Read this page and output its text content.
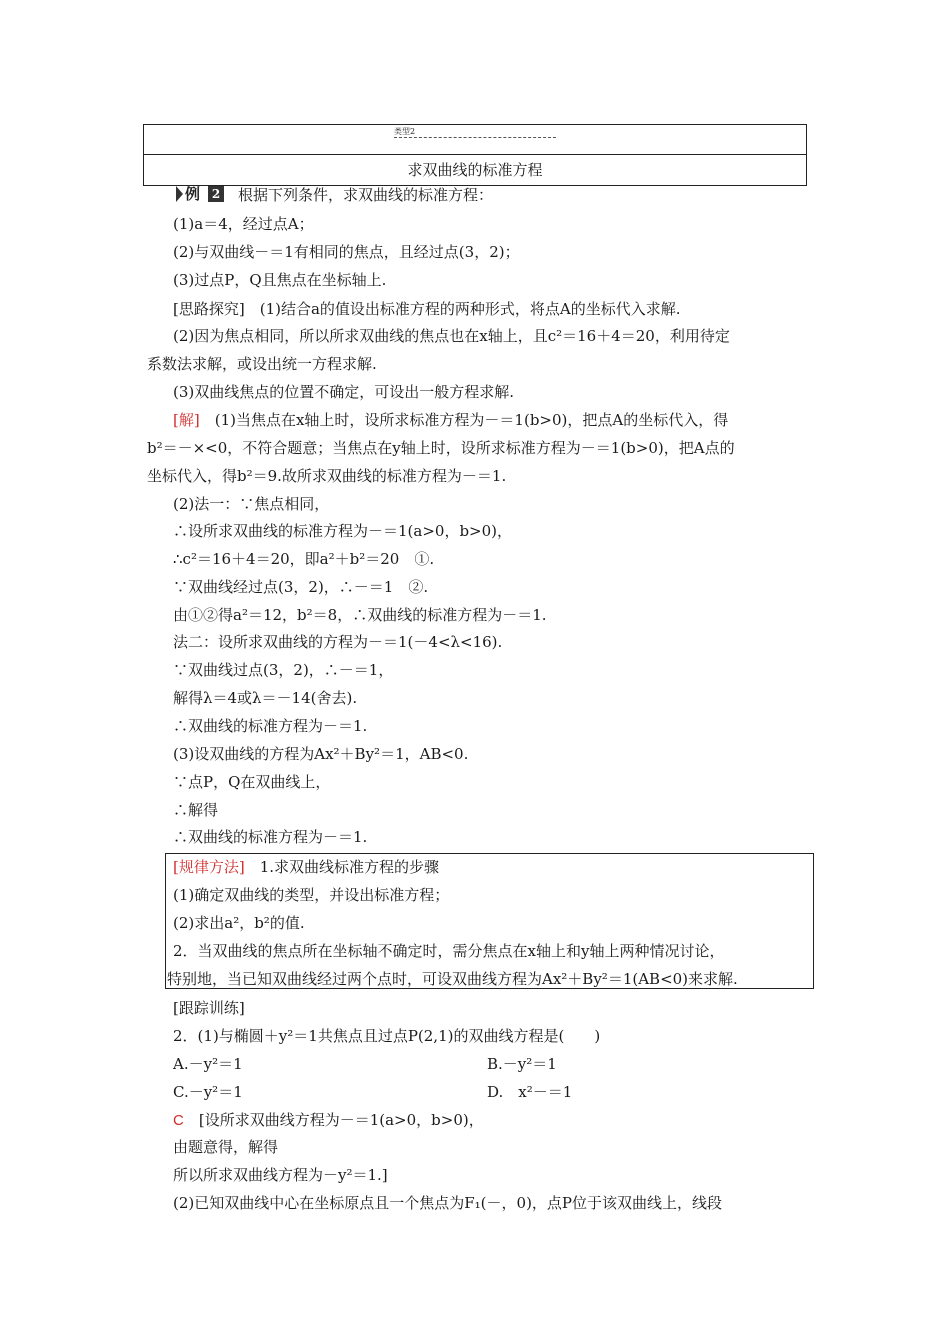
类型2
求双曲线的标准方程
例 2 根据下列条件，求双曲线的标准方程：
(1)a＝4，经过点A；
(2)与双曲线－＝1有相同的焦点，且经过点(3，2)；
(3)过点P，Q且焦点在坐标轴上.
[思路探究]　(1)结合a的值设出标准方程的两种形式，将点A的坐标代入求解.
(2)因为焦点相同，所以所求双曲线的焦点也在x轴上，且c²＝16＋4＝20，利用待定
系数法求解，或设出统一方程求解.
(3)双曲线焦点的位置不确定，可设出一般方程求解.
[解]　(1)当焦点在x轴上时，设所求标准方程为－＝1(b>0)，把点A的坐标代入，得
b²＝－×<0，不符合题意；当焦点在y轴上时，设所求标准方程为－＝1(b>0)，把A点的
坐标代入，得b²＝9.故所求双曲线的标准方程为－＝1.
(2)法一：∵焦点相同，
∴设所求双曲线的标准方程为－＝1(a>0，b>0)，
∴c²＝16＋4＝20，即a²＋b²＝20　①.
∵双曲线经过点(3，2)，∴－＝1　②.
由①②得a²＝12，b²＝8，∴双曲线的标准方程为－＝1.
法二：设所求双曲线的方程为－＝1(－4<λ<16).
∵双曲线过点(3，2)，∴－＝1，
解得λ＝4或λ＝－14(舍去).
∴双曲线的标准方程为－＝1.
(3)设双曲线的方程为Ax²＋By²＝1，AB<0.
∵点P，Q在双曲线上，
∴解得
∴双曲线的标准方程为－＝1.
[规律方法]　1.求双曲线标准方程的步骤
(1)确定双曲线的类型，并设出标准方程；
(2)求出a²，b²的值.
2．当双曲线的焦点所在坐标轴不确定时，需分焦点在x轴上和y轴上两种情况讨论，
特别地，当已知双曲线经过两个点时，可设双曲线方程为Ax²＋By²＝1(AB<0)来求解.
[跟踪训练]
2．(1)与椭圆＋y²＝1共焦点且过点P(2,1)的双曲线方程是(　　)
A.－y²＝1	B.－y²＝1
C.－y²＝1	D.　x²－＝1
C　[设所求双曲线方程为－＝1(a>0，b>0)，
由题意得，解得
所以所求双曲线方程为－y²＝1.]
(2)已知双曲线中心在坐标原点且一个焦点为F₁(－，0)，点P位于该双曲线上，线段
